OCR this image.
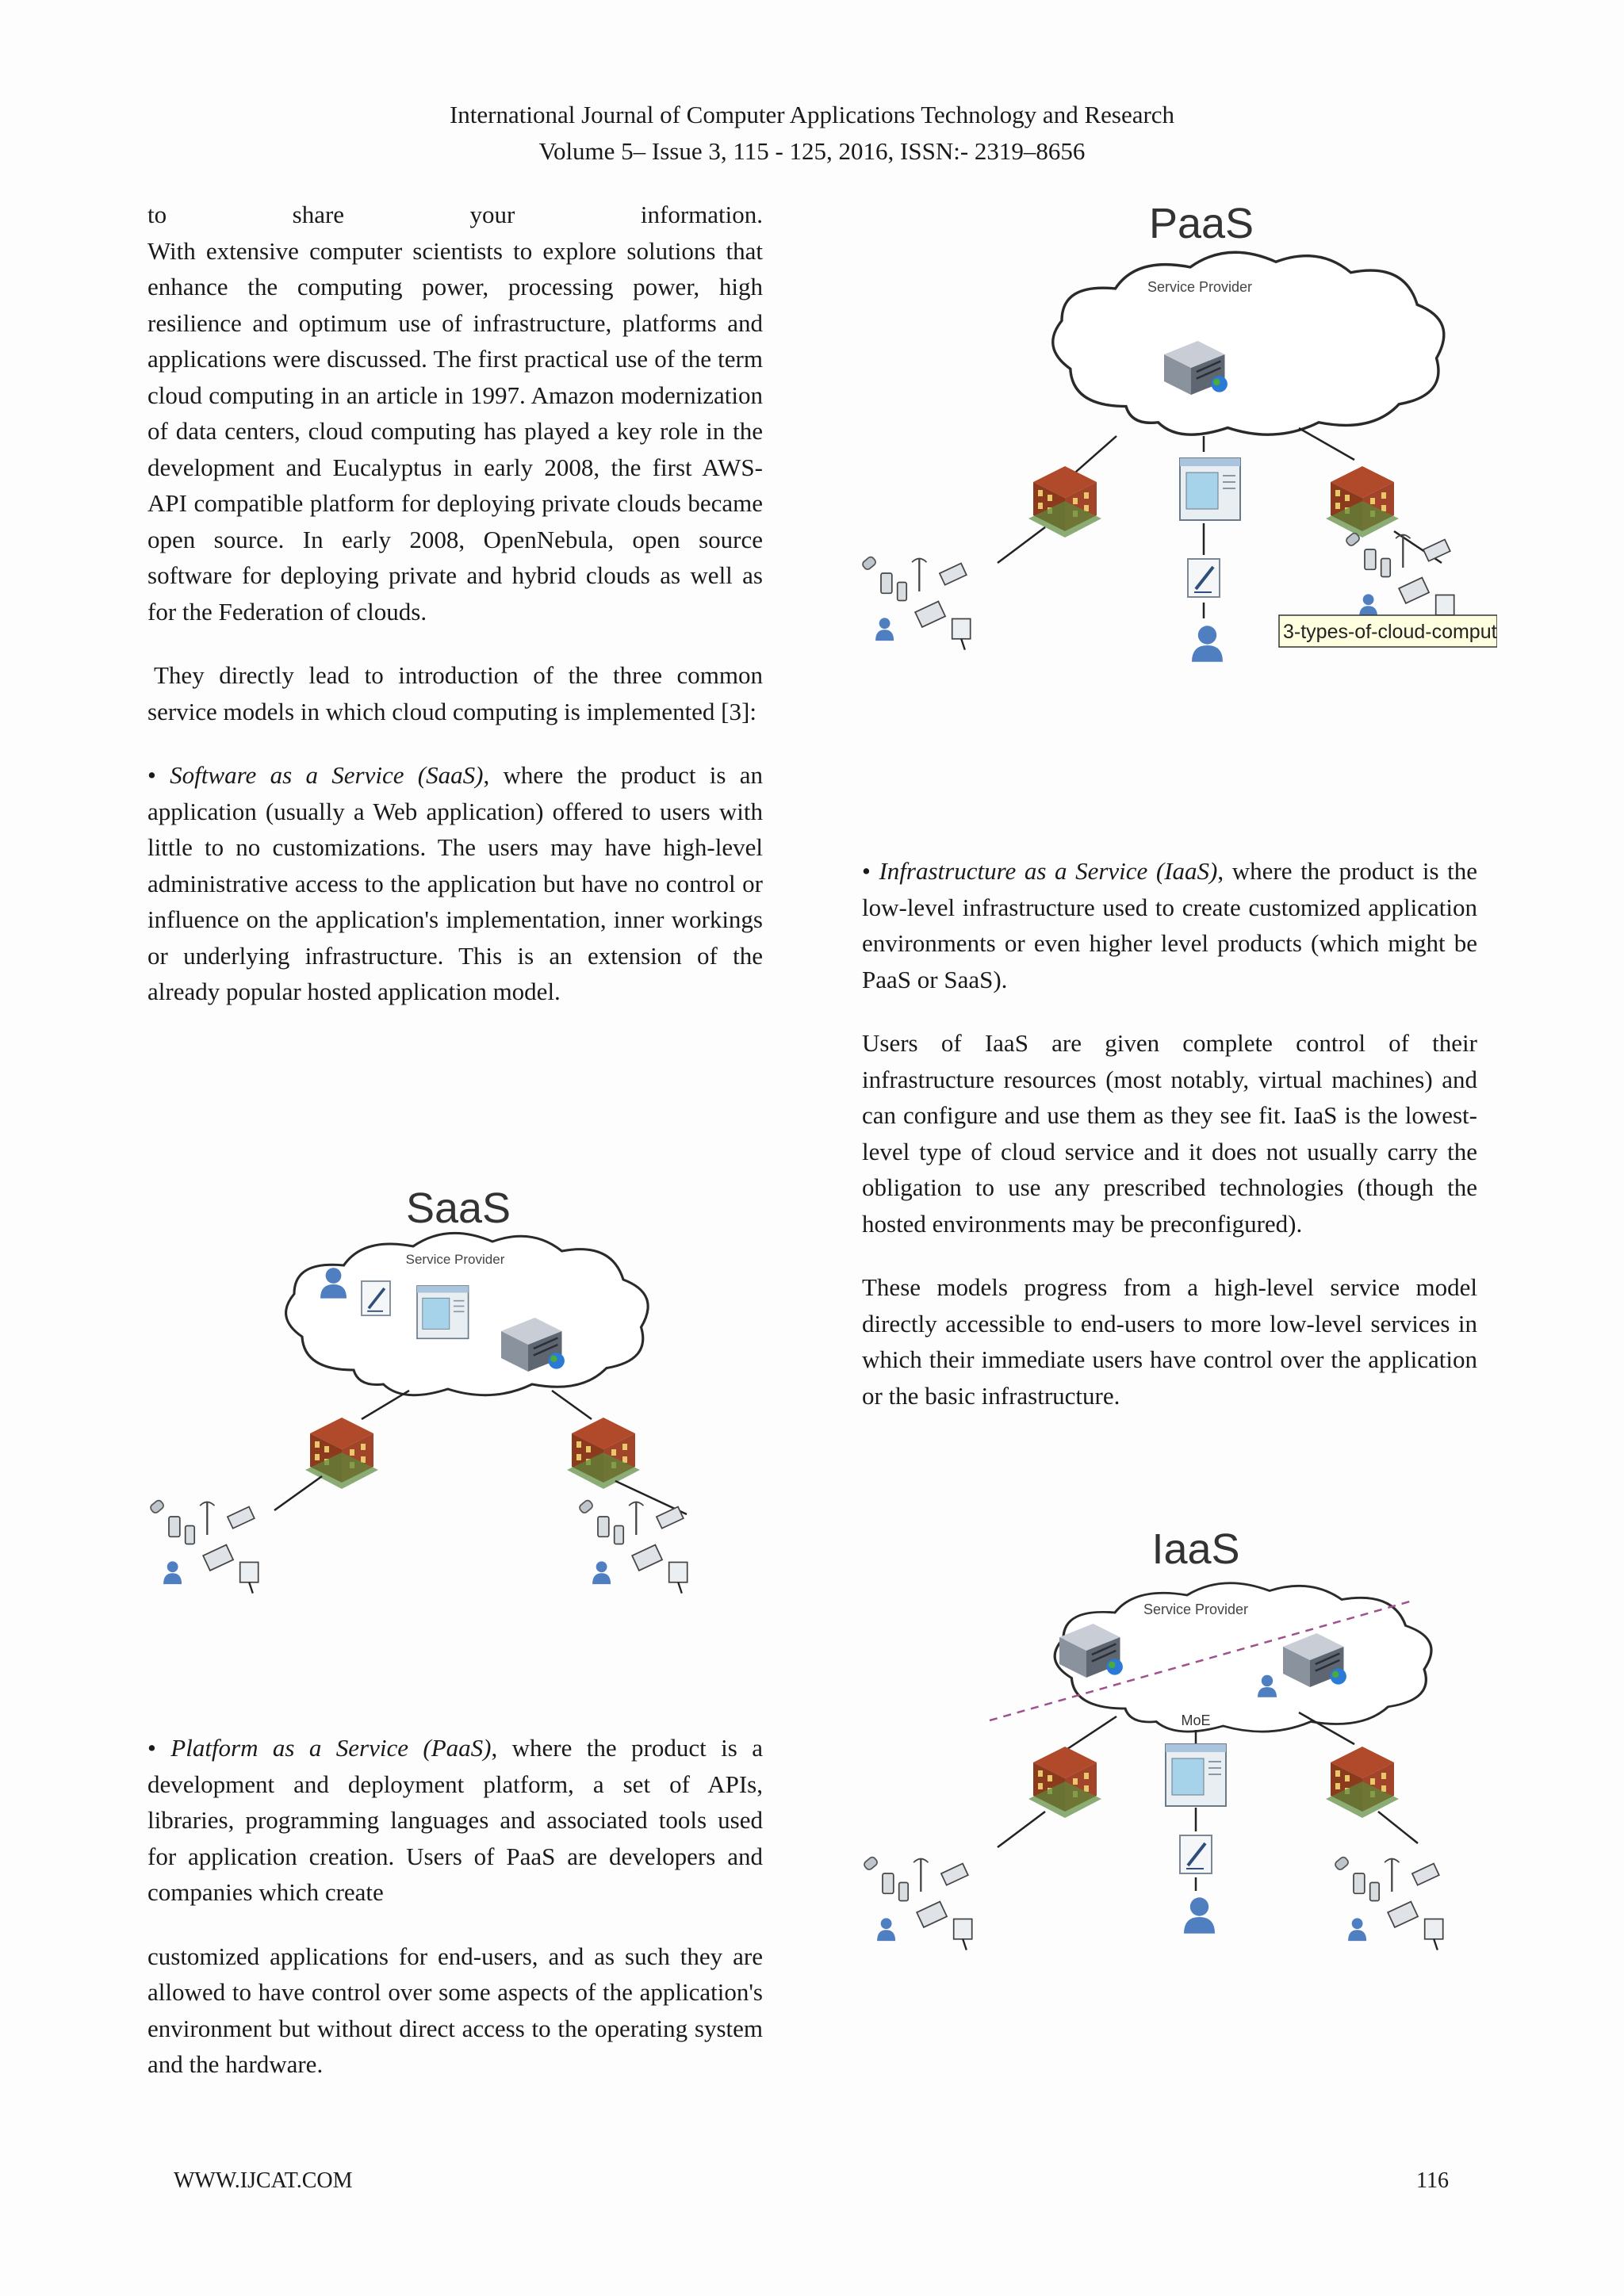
International Journal of Computer Applications Technology and Research
Volume 5– Issue 3, 115 - 125, 2016, ISSN:- 2319–8656

to share your information.

With extensive computer scientists to explore solutions that enhance the computing power, processing power, high resilience and optimum use of infrastructure, platforms and applications were discussed. The first practical use of the term cloud computing in an article in 1997. Amazon modernization of data centers, cloud computing has played a key role in the development and Eucalyptus in early 2008, the first AWS- API compatible platform for deploying private clouds became open source. In early 2008, OpenNebula, open source software for deploying private and hybrid clouds as well as for the Federation of clouds.

They directly lead to introduction of the three common service models in which cloud computing is implemented [3]:

• Software as a Service (SaaS), where the product is an application (usually a Web application) offered to users with little to no customizations. The users may have high-level administrative access to the application but have no control or influence on the application's implementation, inner workings or underlying infrastructure. This is an extension of the already popular hosted application model.

• Platform as a Service (PaaS), where the product is a development and deployment platform, a set of APIs, libraries, programming languages and associated tools used for application creation. Users of PaaS are developers and companies which create

customized applications for end-users, and as such they are allowed to have control over some aspects of the application's environment but without direct access to the operating system and the hardware.

• Infrastructure as a Service (IaaS), where the product is the low-level infrastructure used to create customized application environments or even higher level products (which might be PaaS or SaaS).

Users of IaaS are given complete control of their infrastructure resources (most notably, virtual machines) and can configure and use them as they see fit. IaaS is the lowest-level type of cloud service and it does not usually carry the obligation to use any prescribed technologies (though the hosted environments may be preconfigured).

These models progress from a high-level service model directly accessible to end-users to more low-level services in which their immediate users have control over the application or the basic infrastructure.

PaaS
Service Provider
3-types-of-cloud-comput
SaaS
Service Provider
IaaS
Service Provider
MoE
WWW.IJCAT.COM	116
